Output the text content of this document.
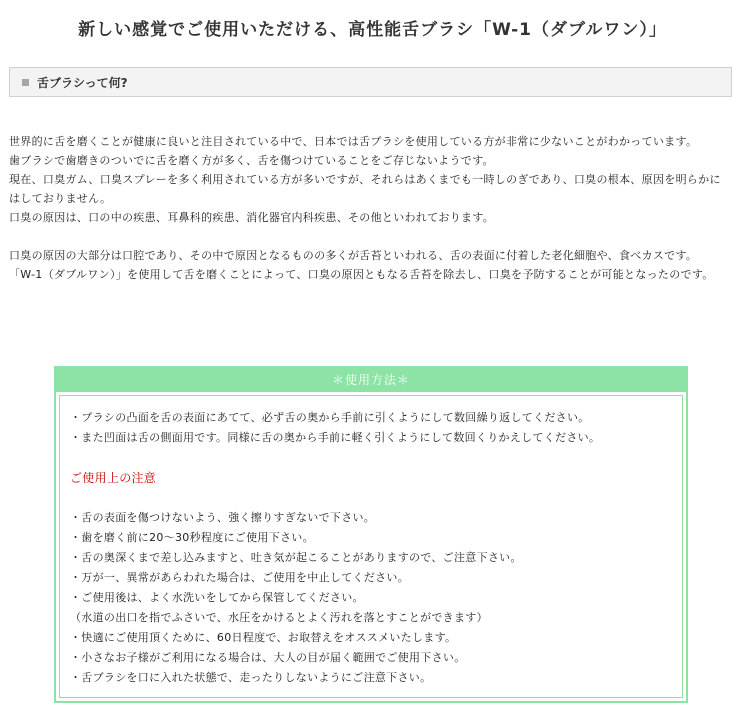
新しい感覚でご使用いただける、高性能舌ブラシ「W-1（ダブルワン）」
舌ブラシって何?

世界的に舌を磨くことが健康に良いと注目されている中で、日本では舌ブラシを使用している方が非常に少ないことがわかっています。

歯ブラシで歯磨きのついでに舌を磨く方が多く、舌を傷つけていることをご存じないようです。

現在、口臭ガム、口臭スプレーを多く利用されている方が多いですが、それらはあくまでも一時しのぎであり、口臭の根本、原因を明らかにはしておりません。

口臭の原因は、口の中の疾患、耳鼻科的疾患、消化器官内科疾患、その他といわれております。

口臭の原因の大部分は口腔であり、その中で原因となるものの多くが舌苔といわれる、舌の表面に付着した老化細胞や、食べカスです。

「W-1（ダブルワン）」を使用して舌を磨くことによって、口臭の原因ともなる舌苔を除去し、口臭を予防することが可能となったのです。

＊使用方法＊

・ブラシの凸面を舌の表面にあてて、必ず舌の奥から手前に引くようにして数回繰り返してください。

・また凹面は舌の側面用です。同様に舌の奥から手前に軽く引くようにして数回くりかえしてください。

ご使用上の注意

・舌の表面を傷つけないよう、強く擦りすぎないで下さい。

・歯を磨く前に20～30秒程度にご使用下さい。

・舌の奥深くまで差し込みますと、吐き気が起こることがありますので、ご注意下さい。

・万が一、異常があらわれた場合は、ご使用を中止してください。

・ご使用後は、よく水洗いをしてから保管してください。

（水道の出口を指でふさいで、水圧をかけるとよく汚れを落とすことができます）

・快適にご使用頂くために、60日程度で、お取替えをオススメいたします。

・小さなお子様がご利用になる場合は、大人の目が届く範囲でご使用下さい。

・舌ブラシを口に入れた状態で、走ったりしないようにご注意下さい。
